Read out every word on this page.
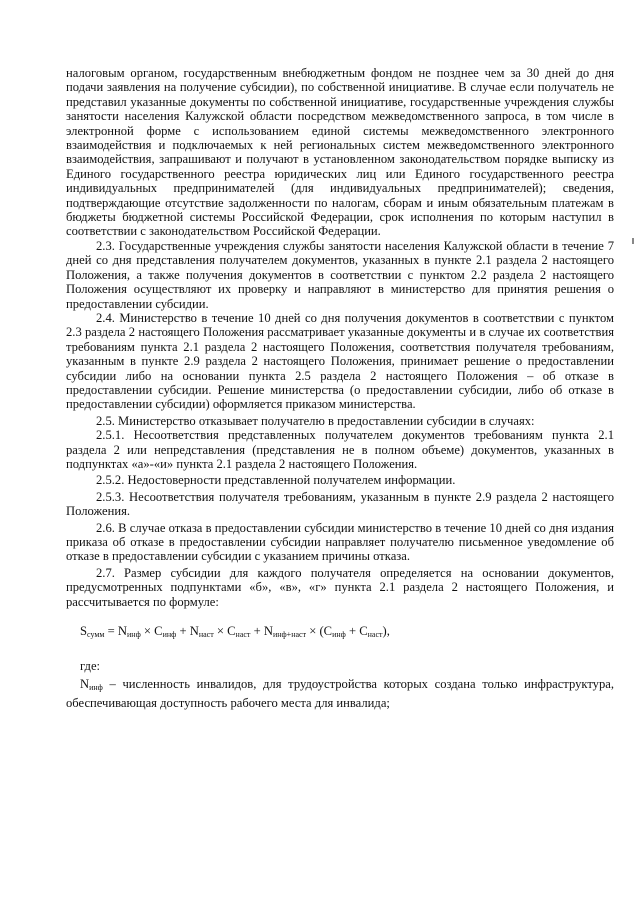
налоговым органом, государственным внебюджетным фондом не позднее чем за 30 дней до дня подачи заявления на получение субсидии), по собственной инициативе. В случае если получатель не представил указанные документы по собственной инициативе, государственные учреждения службы занятости населения Калужской области посредством межведомственного запроса, в том числе в электронной форме с использованием единой системы межведомственного электронного взаимодействия и подключаемых к ней региональных систем межведомственного электронного взаимодействия, запрашивают и получают в установленном законодательством порядке выписку из Единого государственного реестра юридических лиц или Единого государственного реестра индивидуальных предпринимателей (для индивидуальных предпринимателей); сведения, подтверждающие отсутствие задолженности по налогам, сборам и иным обязательным платежам в бюджеты бюджетной системы Российской Федерации, срок исполнения по которым наступил в соответствии с законодательством Российской Федерации.

2.3. Государственные учреждения службы занятости населения Калужской области в течение 7 дней со дня представления получателем документов, указанных в пункте 2.1 раздела 2 настоящего Положения, а также получения документов в соответствии с пунктом 2.2 раздела 2 настоящего Положения осуществляют их проверку и направляют в министерство для принятия решения о предоставлении субсидии.

2.4. Министерство в течение 10 дней со дня получения документов в соответствии с пунктом 2.3 раздела 2 настоящего Положения рассматривает указанные документы и в случае их соответствия требованиям пункта 2.1 раздела 2 настоящего Положения, соответствия получателя требованиям, указанным в пункте 2.9 раздела 2 настоящего Положения, принимает решение о предоставлении субсидии либо на основании пункта 2.5 раздела 2 настоящего Положения – об отказе в предоставлении субсидии. Решение министерства (о предоставлении субсидии, либо об отказе в предоставлении субсидии) оформляется приказом министерства.

2.5. Министерство отказывает получателю в предоставлении субсидии в случаях:

2.5.1. Несоответствия представленных получателем документов требованиям пункта 2.1 раздела 2 или непредставления (представления не в полном объеме) документов, указанных в подпунктах «а»-«и» пункта 2.1 раздела 2 настоящего Положения.

2.5.2. Недостоверности представленной получателем информации.

2.5.3. Несоответствия получателя требованиям, указанным в пункте 2.9 раздела 2 настоящего Положения.

2.6. В случае отказа в предоставлении субсидии министерство в течение 10 дней со дня издания приказа об отказе в предоставлении субсидии направляет получателю письменное уведомление об отказе в предоставлении субсидии с указанием причины отказа.

2.7. Размер субсидии для каждого получателя определяется на основании документов, предусмотренных подпунктами «б», «в», «г» пункта 2.1 раздела 2 настоящего Положения, и рассчитывается по формуле:

$S_{сумм} = N_{инф} \times C_{инф} + N_{наст} \times C_{наст} + N_{инф+наст} \times (C_{инф} + C_{наст})$,

где:

$N_{инф}$ – численность инвалидов, для трудоустройства которых создана только инфраструктура, обеспечивающая доступность рабочего места для инвалида;
